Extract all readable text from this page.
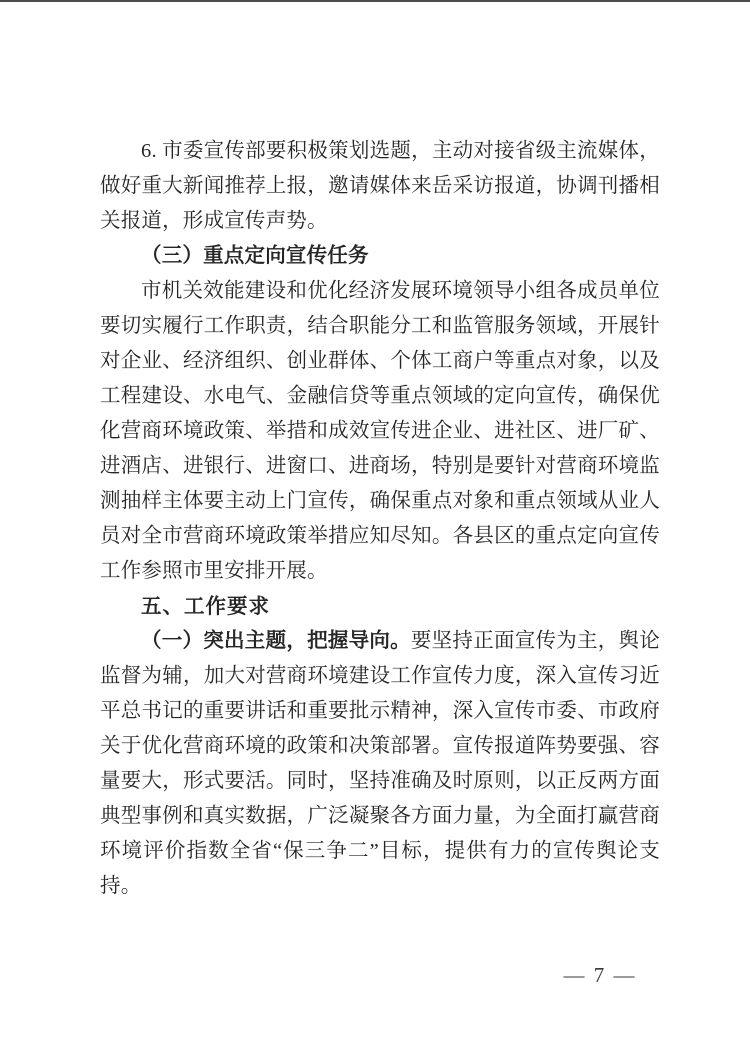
6. 市委宣传部要积极策划选题，主动对接省级主流媒体，做好重大新闻推荐上报，邀请媒体来岳采访报道，协调刊播相关报道，形成宣传声势。

（三）重点定向宣传任务

市机关效能建设和优化经济发展环境领导小组各成员单位要切实履行工作职责，结合职能分工和监管服务领域，开展针对企业、经济组织、创业群体、个体工商户等重点对象，以及工程建设、水电气、金融信贷等重点领域的定向宣传，确保优化营商环境政策、举措和成效宣传进企业、进社区、进厂矿、进酒店、进银行、进窗口、进商场，特别是要针对营商环境监测抽样主体要主动上门宣传，确保重点对象和重点领域从业人员对全市营商环境政策举措应知尽知。各县区的重点定向宣传工作参照市里安排开展。

五、工作要求

（一）突出主题，把握导向。要坚持正面宣传为主，舆论监督为辅，加大对营商环境建设工作宣传力度，深入宣传习近平总书记的重要讲话和重要批示精神，深入宣传市委、市政府关于优化营商环境的政策和决策部署。宣传报道阵势要强、容量要大，形式要活。同时，坚持准确及时原则，以正反两方面典型事例和真实数据，广泛凝聚各方面力量，为全面打赢营商环境评价指数全省“保三争二”目标，提供有力的宣传舆论支持。

— 7 —
